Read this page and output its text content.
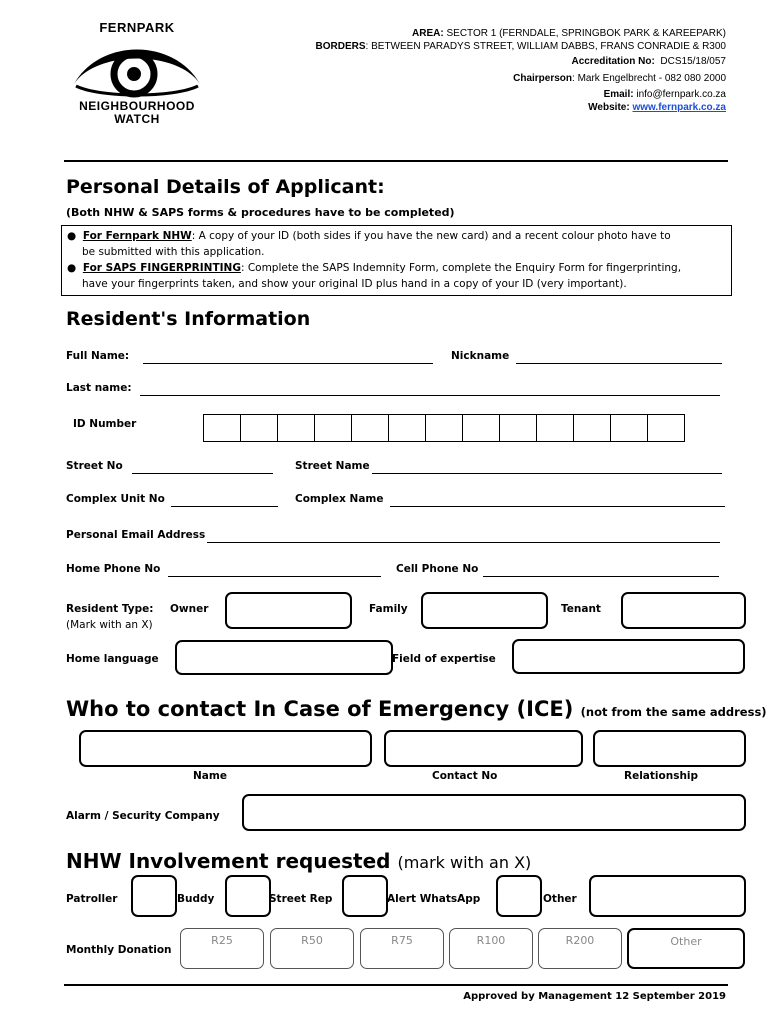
FERNPARK
NEIGHBOURHOOD
WATCH
AREA: SECTOR 1 (FERNDALE, SPRINGBOK PARK & KAREEPARK)
BORDERS: BETWEEN PARADYS STREET, WILLIAM DABBS, FRANS CONRADIE & R300
Accreditation No: DCS15/18/057
Chairperson: Mark Engelbrecht - 082 080 2000
Email: info@fernpark.co.za
Website: www.fernpark.co.za
Personal Details of Applicant:
(Both NHW & SAPS forms & procedures have to be completed)
●  For Fernpark NHW: A copy of your ID (both sides if you have the new card) and a recent colour photo have to
be submitted with this application.
●  For SAPS FINGERPRINTING: Complete the SAPS Indemnity Form, complete the Enquiry Form for fingerprinting,
have your fingerprints taken, and show your original ID plus hand in a copy of your ID (very important).
Resident's Information
Full Name:	Nickname
Last name:
ID Number
Street No	Street Name
Complex Unit No	Complex Name
Personal Email Address
Home Phone No	Cell Phone No
Resident Type:
(Mark with an X)
Owner	Family	Tenant
Home language	Field of expertise
Who to contact In Case of Emergency (ICE) (not from the same address)
Name	Contact No	Relationship
Alarm / Security Company
NHW Involvement requested (mark with an X)
Patroller	Buddy	Street Rep	Alert WhatsApp	Other
Monthly Donation
R25	R50	R75	R100	R200	Other
Approved by Management 12 September 2019
